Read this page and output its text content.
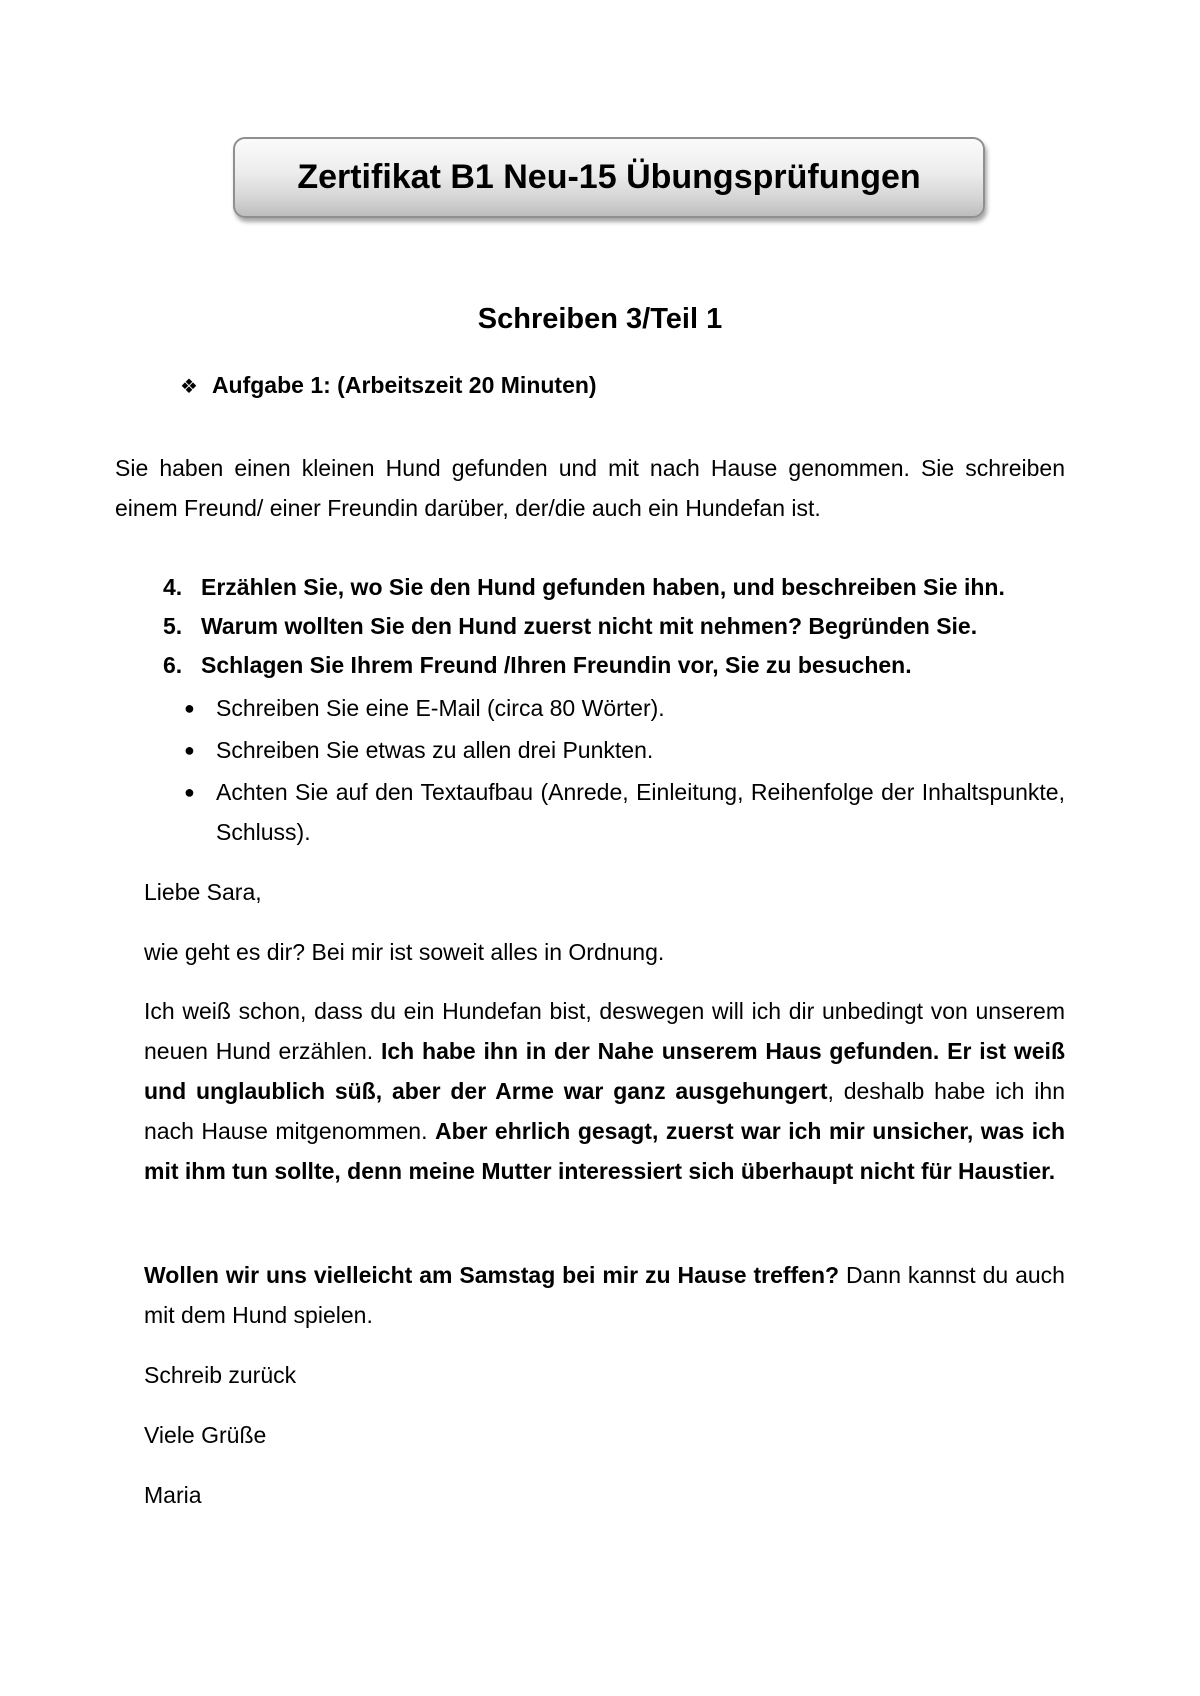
Zertifikat B1 Neu-15 Übungsprüfungen
Schreiben 3/Teil 1
❖ Aufgabe 1: (Arbeitszeit 20 Minuten)

Sie haben einen kleinen Hund gefunden und mit nach Hause genommen. Sie schreiben einem Freund/ einer Freundin darüber, der/die auch ein Hundefan ist.

4. Erzählen Sie, wo Sie den Hund gefunden haben, und beschreiben Sie ihn.
5. Warum wollten Sie den Hund zuerst nicht mit nehmen? Begründen Sie.
6. Schlagen Sie Ihrem Freund /Ihren Freundin vor, Sie zu besuchen.
● Schreiben Sie eine E-Mail (circa 80 Wörter).
● Schreiben Sie etwas zu allen drei Punkten.
● Achten Sie auf den Textaufbau (Anrede, Einleitung, Reihenfolge der Inhaltspunkte, Schluss).

Liebe Sara,

wie geht es dir? Bei mir ist soweit alles in Ordnung.

Ich weiß schon, dass du ein Hundefan bist, deswegen will ich dir unbedingt von unserem neuen Hund erzählen. Ich habe ihn in der Nahe unserem Haus gefunden. Er ist weiß und unglaublich süß, aber der Arme war ganz ausgehungert, deshalb habe ich ihn nach Hause mitgenommen. Aber ehrlich gesagt, zuerst war ich mir unsicher, was ich mit ihm tun sollte, denn meine Mutter interessiert sich überhaupt nicht für Haustier.

Wollen wir uns vielleicht am Samstag bei mir zu Hause treffen? Dann kannst du auch mit dem Hund spielen.

Schreib zurück

Viele Grüße

Maria
